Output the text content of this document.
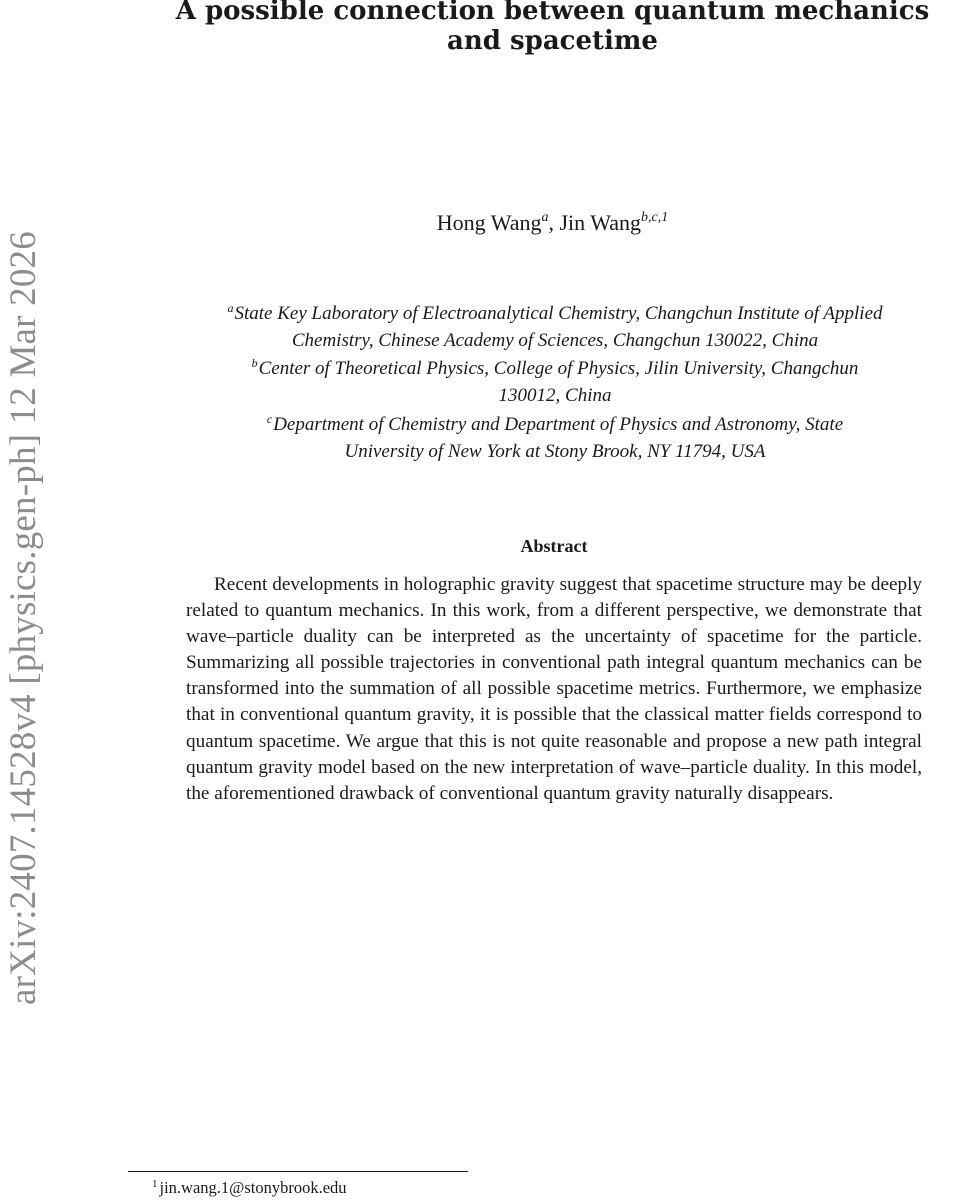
arXiv:2407.14528v4 [physics.gen-ph] 12 Mar 2026
A possible connection between quantum mechanics
and spacetime
Hong Wang$^a$, Jin Wang$^{b,c,1}$
$^a$State Key Laboratory of Electroanalytical Chemistry, Changchun Institute of Applied
Chemistry, Chinese Academy of Sciences, Changchun 130022, China
$^b$Center of Theoretical Physics, College of Physics, Jilin University, Changchun
130012, China
$^c$Department of Chemistry and Department of Physics and Astronomy, State
University of New York at Stony Brook, NY 11794, USA
Abstract

Recent developments in holographic gravity suggest that spacetime structure may be deeply related to quantum mechanics. In this work, from a different perspective, we demonstrate that wave–particle duality can be interpreted as the uncertainty of spacetime for the particle. Summarizing all possible trajectories in conventional path integral quantum mechanics can be transformed into the summation of all possible spacetime metrics. Furthermore, we emphasize that in conventional quantum gravity, it is possible that the classical matter fields correspond to quantum spacetime. We argue that this is not quite reasonable and propose a new path integral quantum gravity model based on the new interpretation of wave–particle duality. In this model, the aforementioned drawback of conventional quantum gravity naturally disappears.

$^1$ jin.wang.1@stonybrook.edu
